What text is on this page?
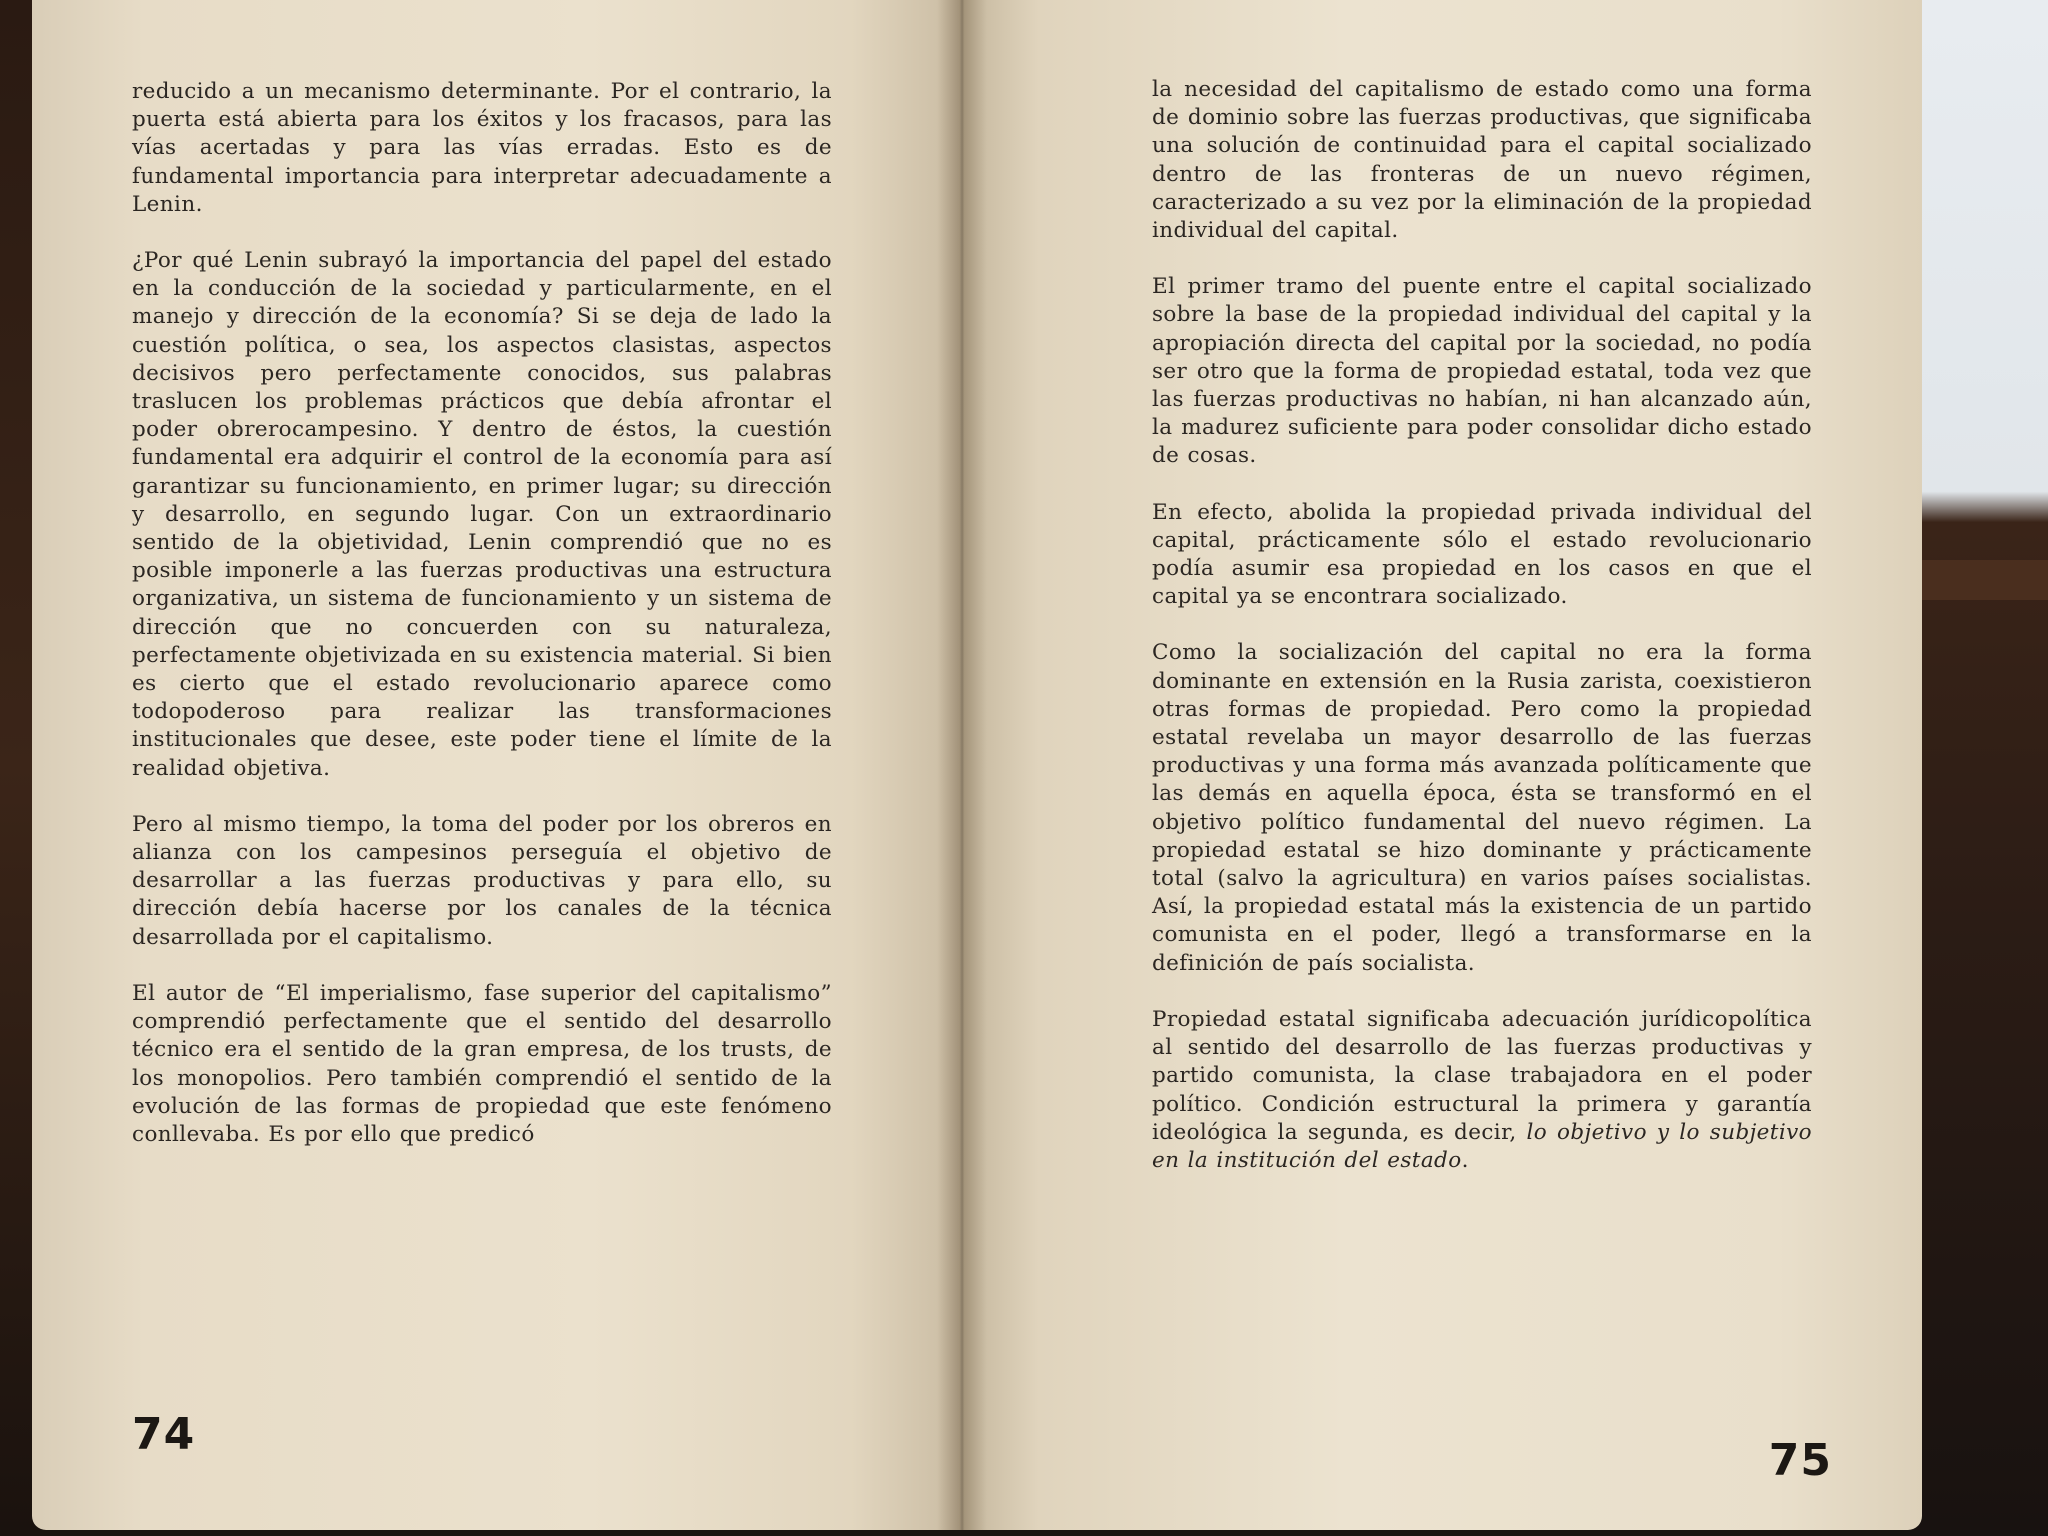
reducido a un mecanismo determinante. Por el contrario, la puerta está abierta para los éxitos y los fracasos, para las vías acertadas y para las vías erradas. Esto es de fundamental importancia para interpretar adecuadamente a Lenin.

¿Por qué Lenin subrayó la importancia del papel del estado en la conducción de la sociedad y particularmente, en el manejo y dirección de la economía? Si se deja de lado la cuestión política, o sea, los aspectos clasistas, aspectos decisivos pero perfectamente conocidos, sus palabras traslucen los problemas prácticos que debía afrontar el poder obrerocampesino. Y dentro de éstos, la cuestión fundamental era adquirir el control de la economía para así garantizar su funcionamiento, en primer lugar; su dirección y desarrollo, en segundo lugar. Con un extraordinario sentido de la objetividad, Lenin comprendió que no es posible imponerle a las fuerzas productivas una estructura organizativa, un sistema de funcionamiento y un sistema de dirección que no concuerden con su naturaleza, perfectamente objetivizada en su existencia material. Si bien es cierto que el estado revolucionario aparece como todopoderoso para realizar las transformaciones institucionales que desee, este poder tiene el límite de la realidad objetiva.

Pero al mismo tiempo, la toma del poder por los obreros en alianza con los campesinos perseguía el objetivo de desarrollar a las fuerzas productivas y para ello, su dirección debía hacerse por los canales de la técnica desarrollada por el capitalismo.

El autor de “El imperialismo, fase superior del capitalismo” comprendió perfectamente que el sentido del desarrollo técnico era el sentido de la gran empresa, de los trusts, de los monopolios. Pero también comprendió el sentido de la evolución de las formas de propiedad que este fenómeno conllevaba. Es por ello que predicó

74

la necesidad del capitalismo de estado como una forma de dominio sobre las fuerzas productivas, que significaba una solución de continuidad para el capital socializado dentro de las fronteras de un nuevo régimen, caracterizado a su vez por la eliminación de la propiedad individual del capital.

El primer tramo del puente entre el capital socializado sobre la base de la propiedad individual del capital y la apropiación directa del capital por la sociedad, no podía ser otro que la forma de propiedad estatal, toda vez que las fuerzas productivas no habían, ni han alcanzado aún, la madurez suficiente para poder consolidar dicho estado de cosas.

En efecto, abolida la propiedad privada individual del capital, prácticamente sólo el estado revolucionario podía asumir esa propiedad en los casos en que el capital ya se encontrara socializado.

Como la socialización del capital no era la forma dominante en extensión en la Rusia zarista, coexistieron otras formas de propiedad. Pero como la propiedad estatal revelaba un mayor desarrollo de las fuerzas productivas y una forma más avanzada políticamente que las demás en aquella época, ésta se transformó en el objetivo político fundamental del nuevo régimen. La propiedad estatal se hizo dominante y prácticamente total (salvo la agricultura) en varios países socialistas. Así, la propiedad estatal más la existencia de un partido comunista en el poder, llegó a transformarse en la definición de país socialista.

Propiedad estatal significaba adecuación jurídicopolítica al sentido del desarrollo de las fuerzas productivas y partido comunista, la clase trabajadora en el poder político. Condición estructural la primera y garantía ideológica la segunda, es decir, lo objetivo y lo subjetivo en la institución del estado.

75
